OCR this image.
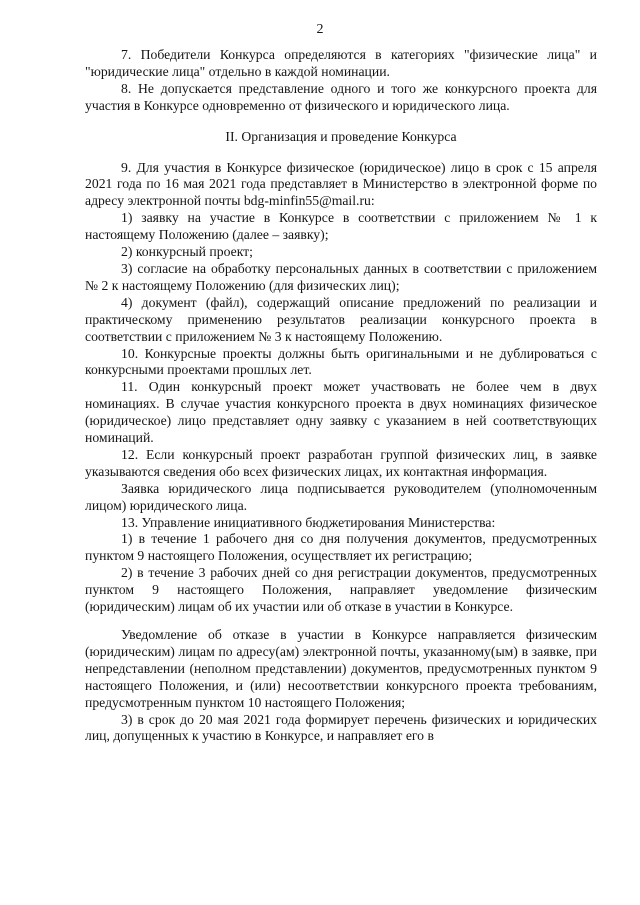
2

7. Победители Конкурса определяются в категориях "физические лица" и "юридические лица" отдельно в каждой номинации.

8. Не допускается представление одного и того же конкурсного проекта для участия в Конкурсе одновременно от физического и юридического лица.

II. Организация и проведение Конкурса

9. Для участия в Конкурсе физическое (юридическое) лицо в срок с 15 апреля 2021 года по 16 мая 2021 года представляет в Министерство в электронной форме по адресу электронной почты bdg-minfin55@mail.ru:

1) заявку на участие в Конкурсе в соответствии с приложением № 1 к настоящему Положению (далее – заявку);

2) конкурсный проект;

3) согласие на обработку персональных данных в соответствии с приложением № 2 к настоящему Положению (для физических лиц);

4) документ (файл), содержащий описание предложений по реализации и практическому применению результатов реализации конкурсного проекта в соответствии с приложением № 3 к настоящему Положению.

10. Конкурсные проекты должны быть оригинальными и не дублироваться с конкурсными проектами прошлых лет.

11. Один конкурсный проект может участвовать не более чем в двух номинациях. В случае участия конкурсного проекта в двух номинациях физическое (юридическое) лицо представляет одну заявку с указанием в ней соответствующих номинаций.

12. Если конкурсный проект разработан группой физических лиц, в заявке указываются сведения обо всех физических лицах, их контактная информация.

Заявка юридического лица подписывается руководителем (уполномоченным лицом) юридического лица.

13. Управление инициативного бюджетирования Министерства:

1) в течение 1 рабочего дня со дня получения документов, предусмотренных пунктом 9 настоящего Положения, осуществляет их регистрацию;

2) в течение 3 рабочих дней со дня регистрации документов, предусмотренных пунктом 9 настоящего Положения, направляет уведомление физическим (юридическим) лицам об их участии или об отказе в участии в Конкурсе.

Уведомление об отказе в участии в Конкурсе направляется физическим (юридическим) лицам по адресу(ам) электронной почты, указанному(ым) в заявке, при непредставлении (неполном представлении) документов, предусмотренных пунктом 9 настоящего Положения, и (или) несоответствии конкурсного проекта требованиям, предусмотренным пунктом 10 настоящего Положения;

3) в срок до 20 мая 2021 года формирует перечень физических и юридических лиц, допущенных к участию в Конкурсе, и направляет его в
